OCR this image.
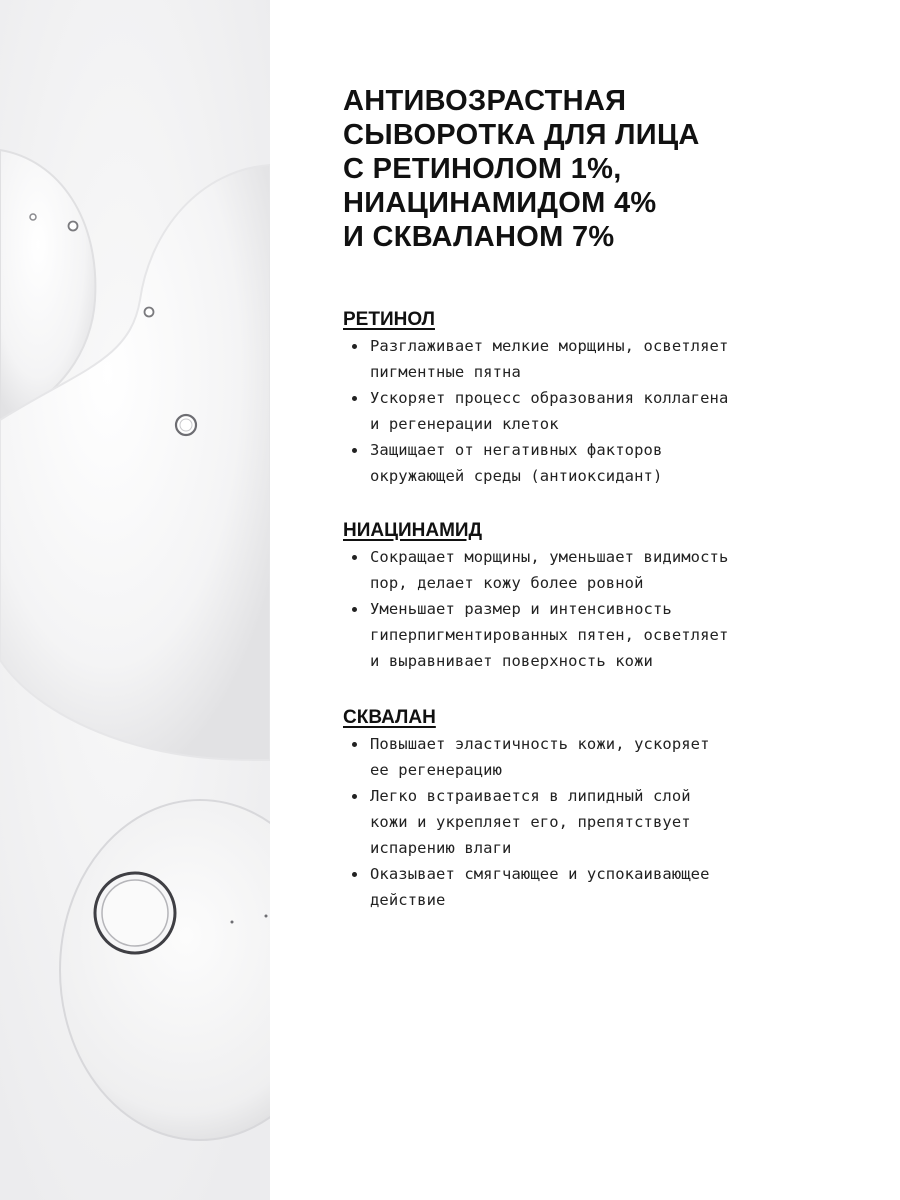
АНТИВОЗРАСТНАЯ
СЫВОРОТКА ДЛЯ ЛИЦА
С РЕТИНОЛОМ 1%,
НИАЦИНАМИДОМ 4%
И СКВАЛАНОМ 7%
РЕТИНОЛ
Разглаживает мелкие морщины, осветляет
пигментные пятна
Ускоряет процесс образования коллагена
и регенерации клеток
Защищает от негативных факторов
окружающей среды (антиоксидант)
НИАЦИНАМИД
Сокращает морщины, уменьшает видимость
пор, делает кожу более ровной
Уменьшает размер и интенсивность
гиперпигментированных пятен, осветляет
и выравнивает поверхность кожи
СКВАЛАН
Повышает эластичность кожи, ускоряет
ее регенерацию
Легко встраивается в липидный слой
кожи и укрепляет его, препятствует
испарению влаги
Оказывает смягчающее и успокаивающее
действие
